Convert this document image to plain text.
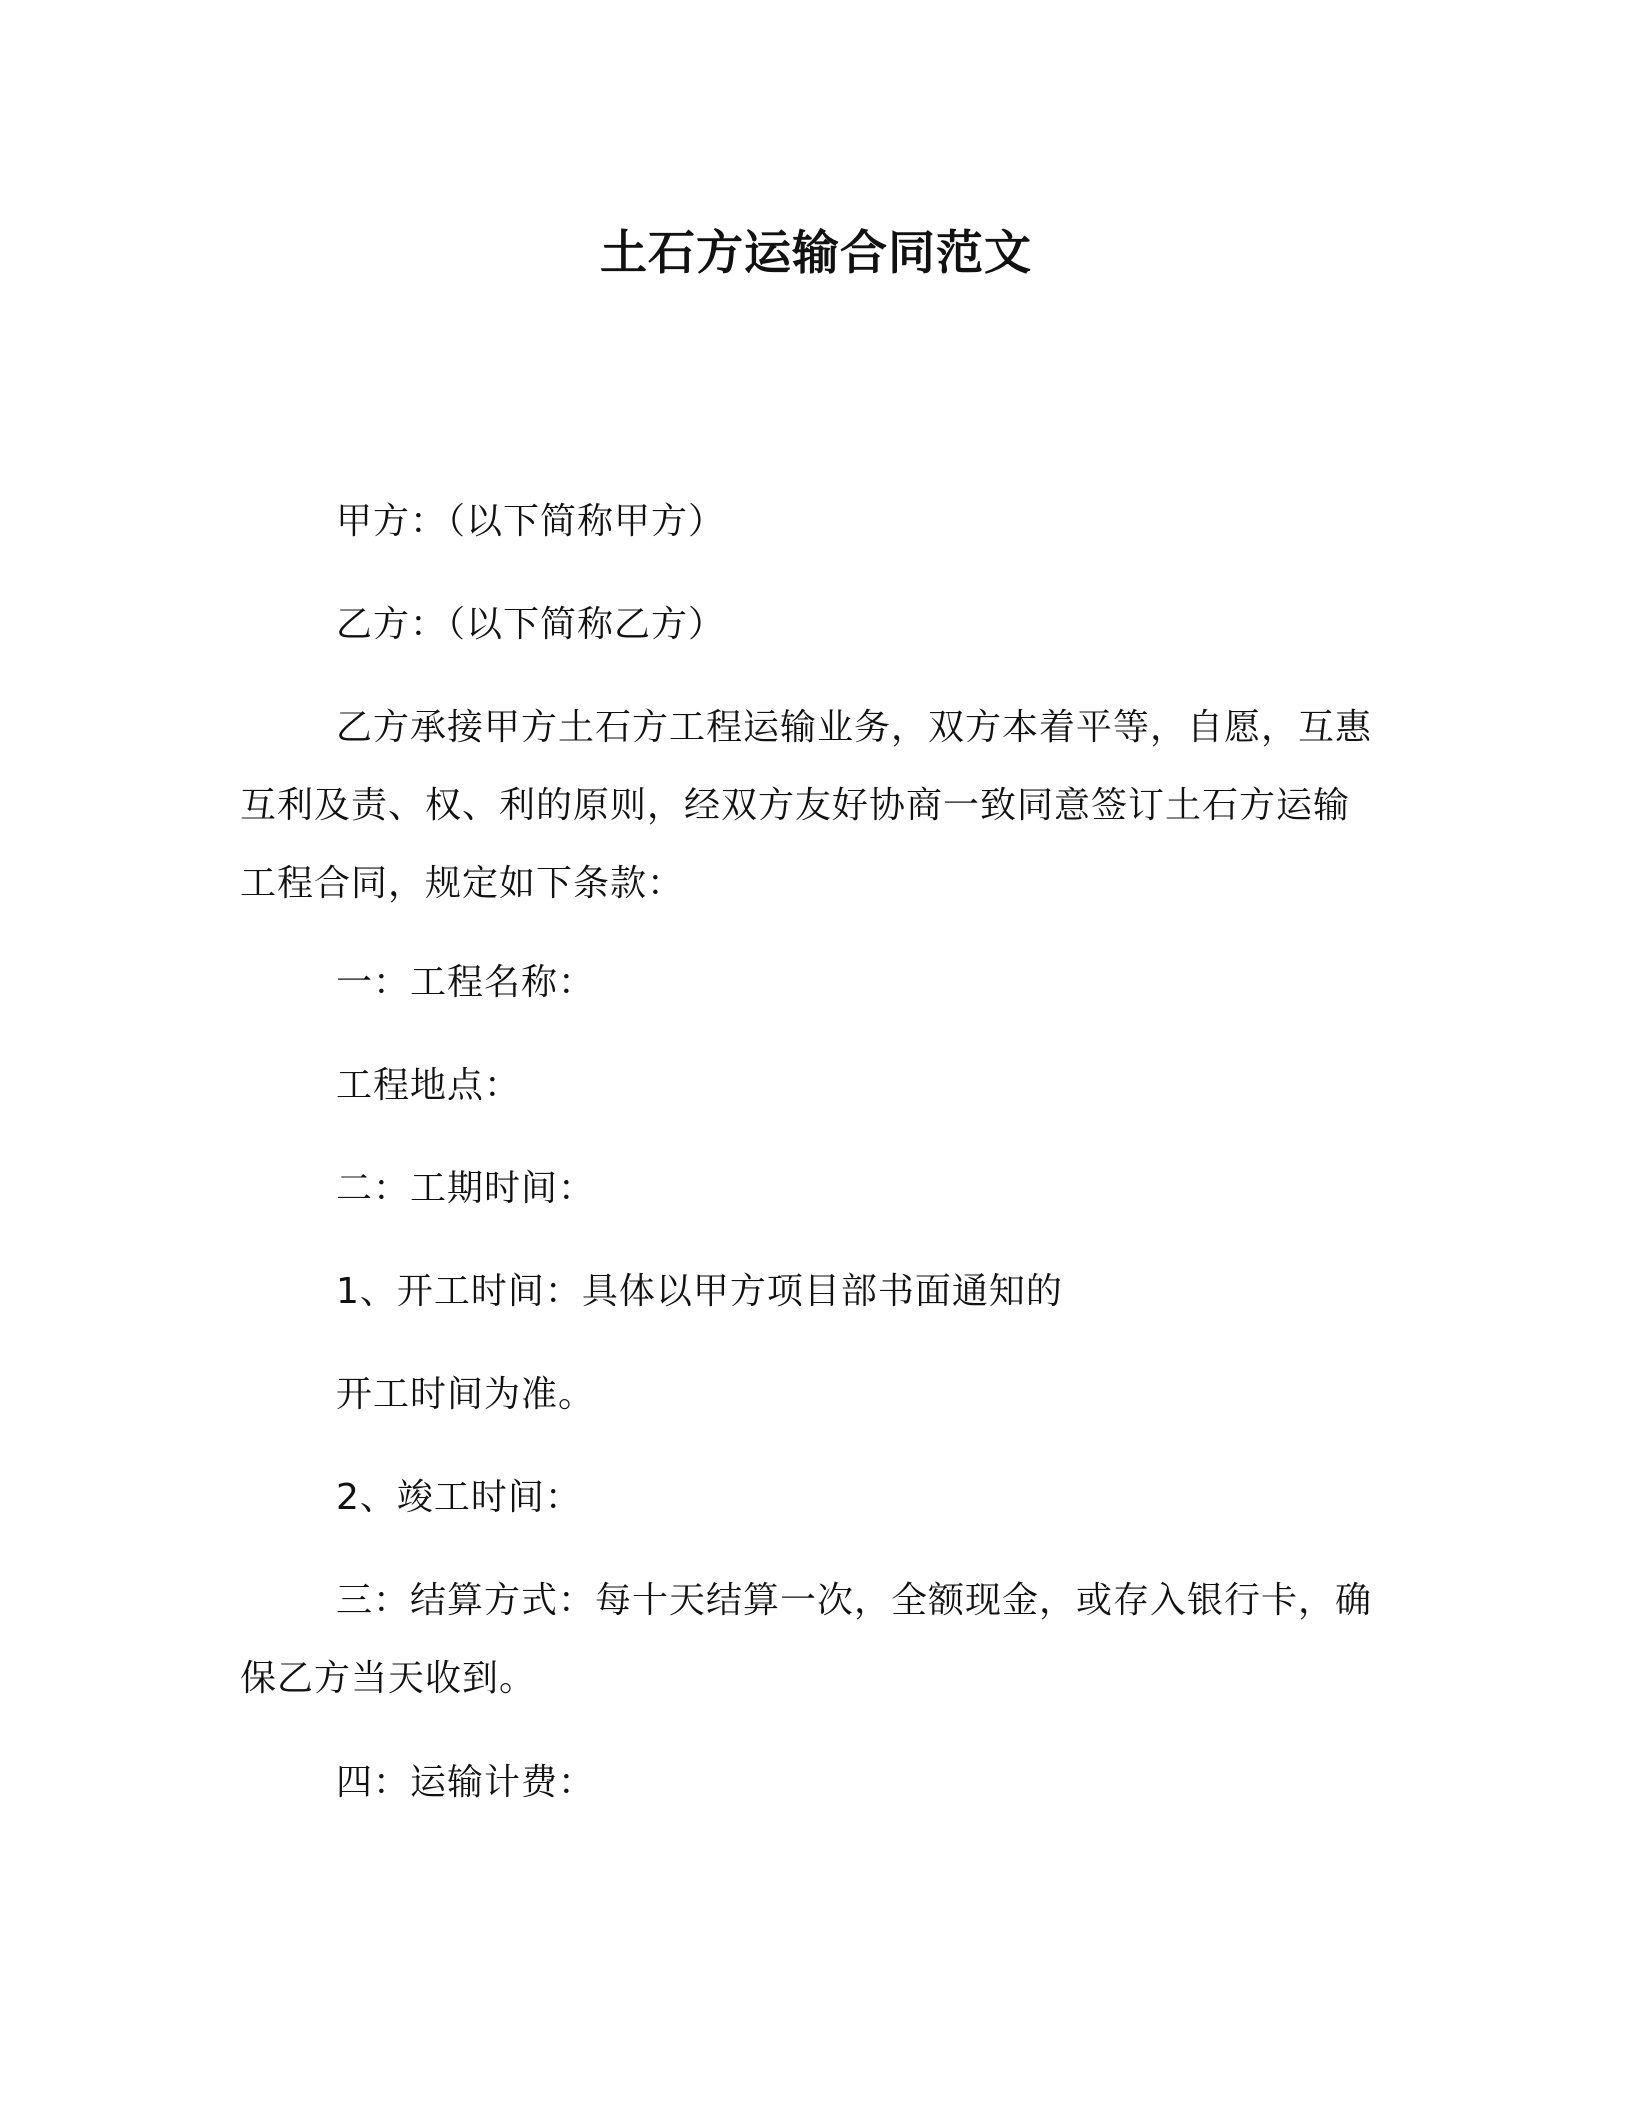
土石方运输合同范文

甲方：（以下简称甲方）

乙方：（以下简称乙方）

乙方承接甲方土石方工程运输业务，双方本着平等，自愿，互惠

互利及责、权、利的原则，经双方友好协商一致同意签订土石方运输

工程合同，规定如下条款：

一：工程名称：

工程地点：

二：工期时间：

1、开工时间：具体以甲方项目部书面通知的

开工时间为准。

2、竣工时间：

三：结算方式：每十天结算一次，全额现金，或存入银行卡，确

保乙方当天收到。

四：运输计费：
